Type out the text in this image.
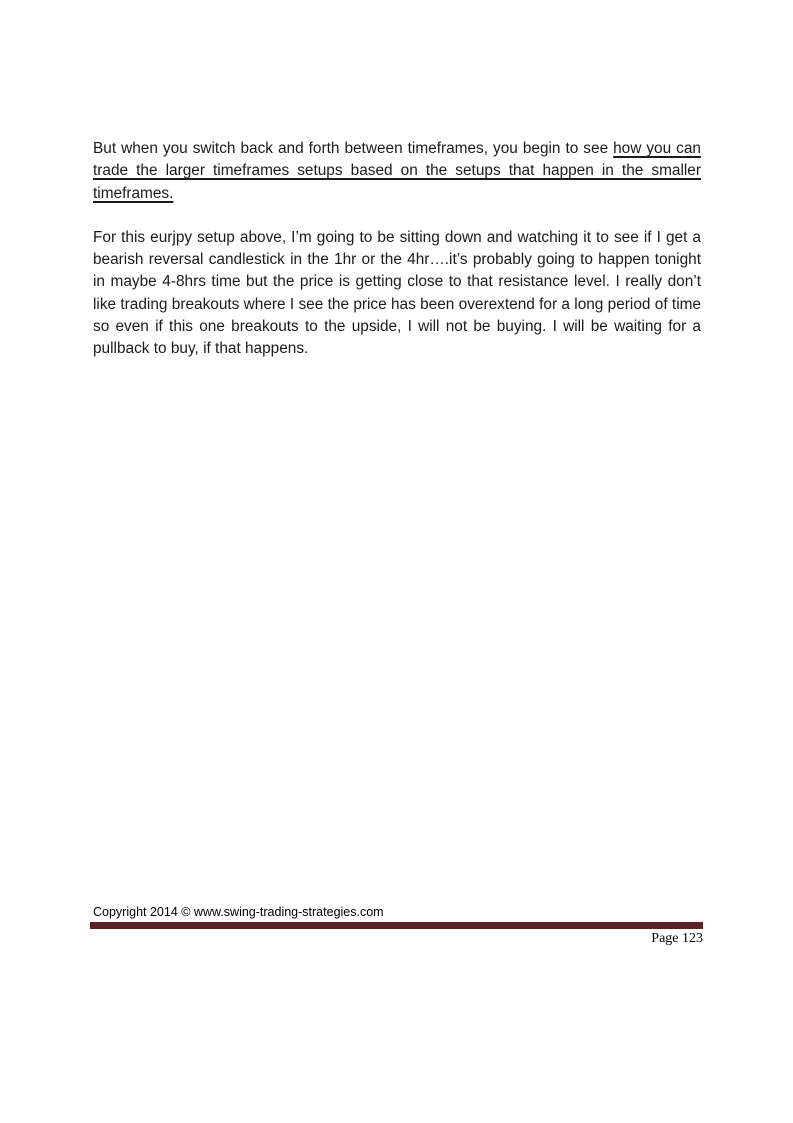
But when you switch back and forth between timeframes, you begin to see how you can trade the larger timeframes setups based on the setups that happen in the smaller timeframes.

For this eurjpy setup above, I’m going to be sitting down and watching it to see if I get a bearish reversal candlestick in the 1hr or the 4hr….it’s probably going to happen tonight in maybe 4-8hrs time but the price is getting close to that resistance level. I really don’t like trading breakouts where I see the price has been overextend for a long period of time so even if this one breakouts to the upside, I will not be buying. I will be waiting for a pullback to buy, if that happens.

Copyright 2014 © www.swing-trading-strategies.com
Page 123
